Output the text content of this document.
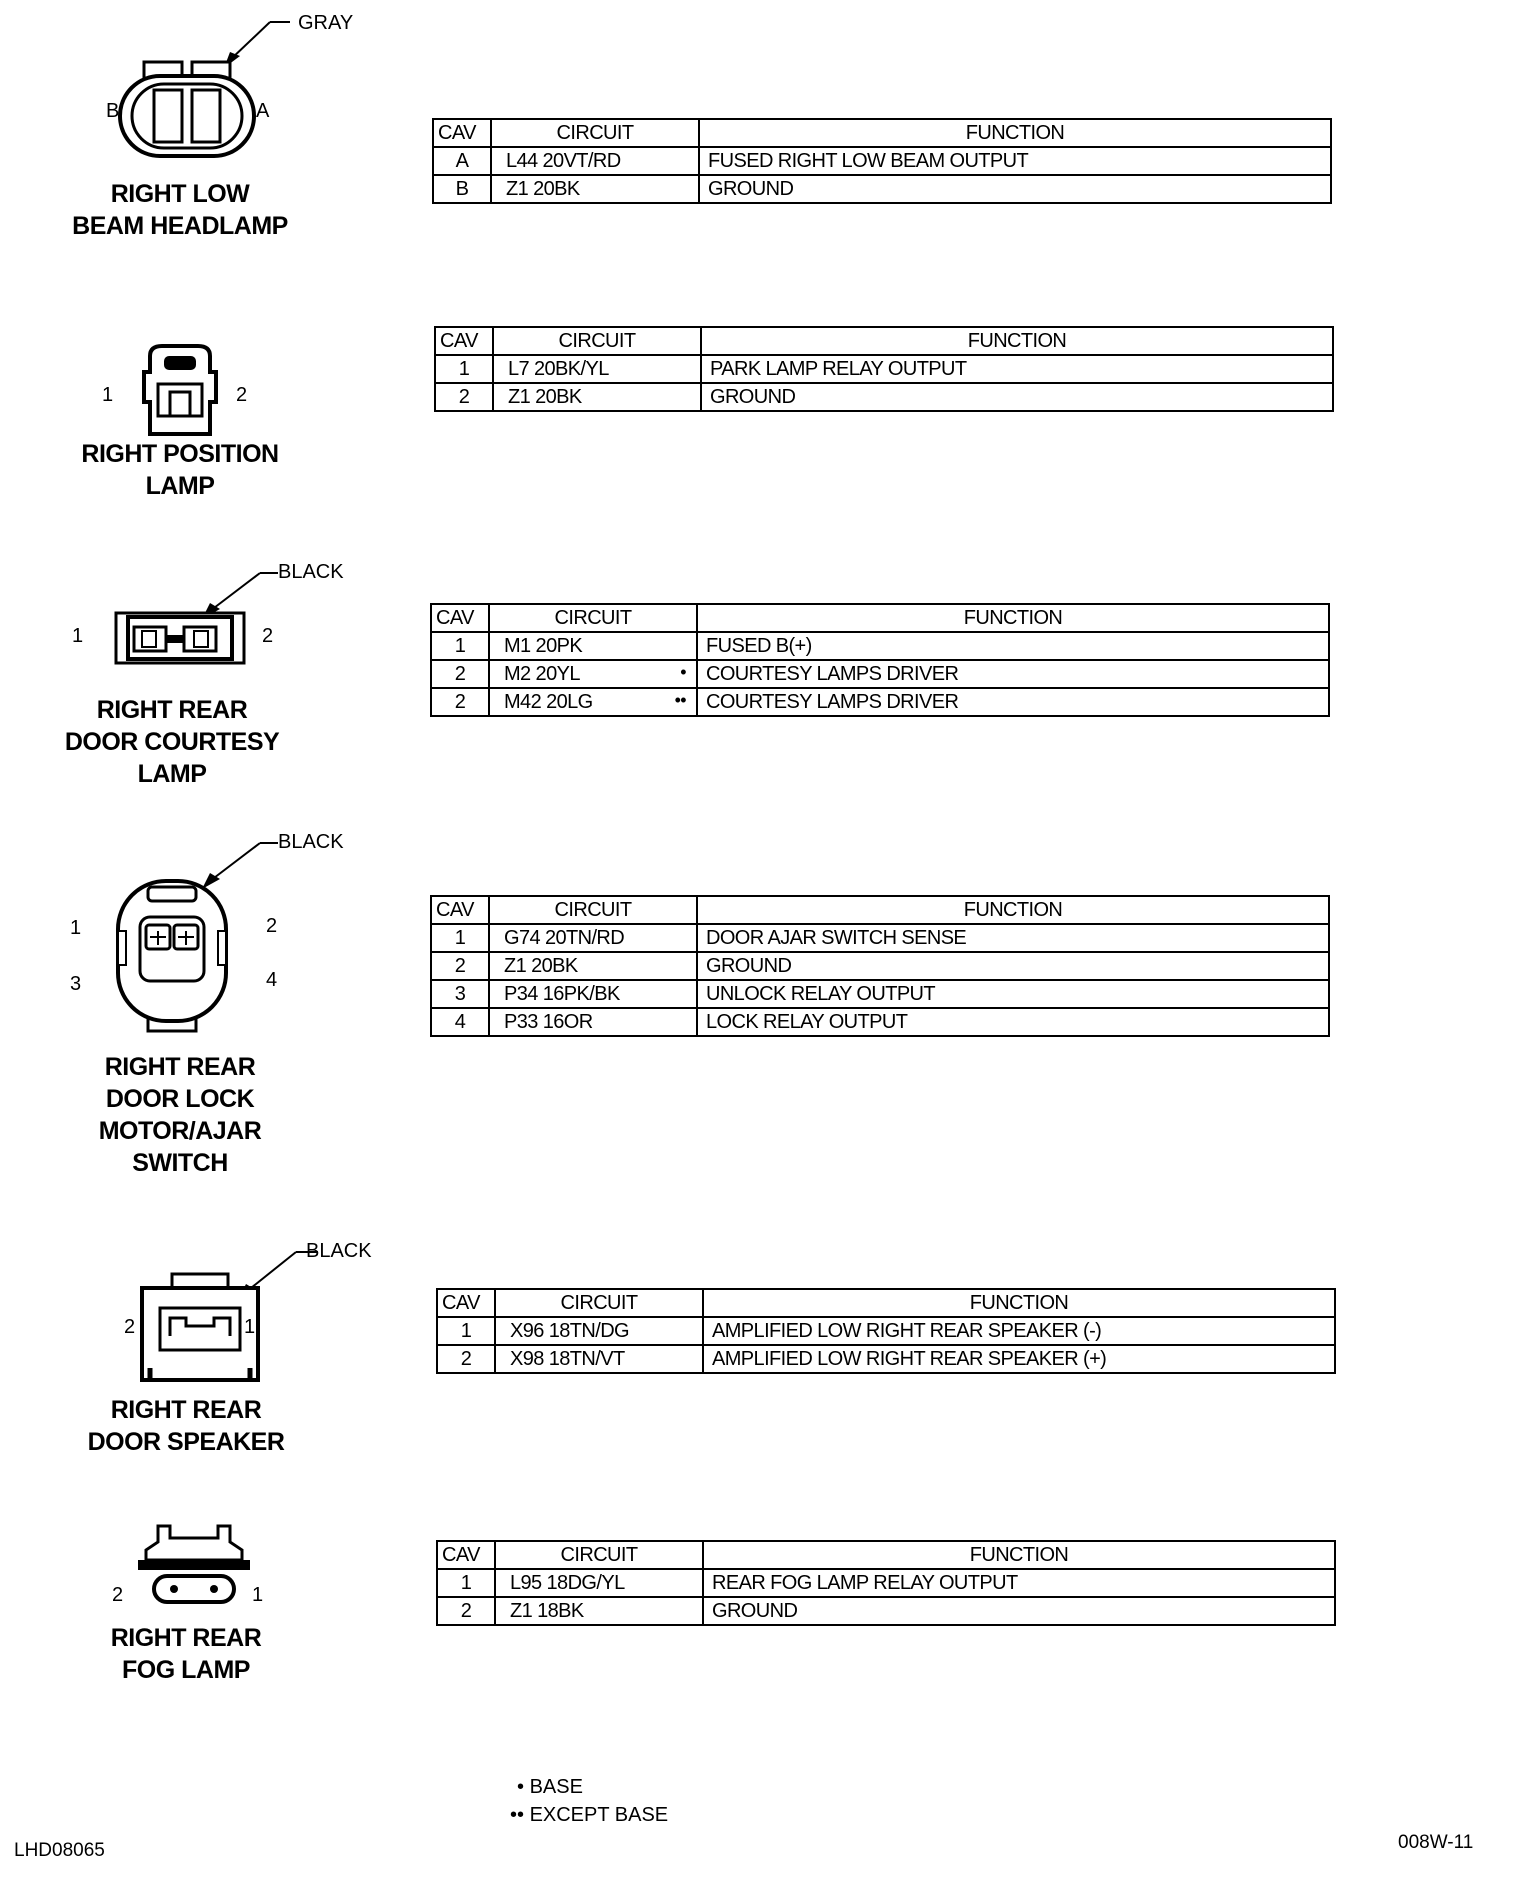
GRAY
B	A
RIGHT LOW
BEAM HEADLAMP
CAV	CIRCUIT	FUNCTION
A	L44 20VT/RD	FUSED RIGHT LOW BEAM OUTPUT
B	Z1 20BK	GROUND
1	2
RIGHT POSITION
LAMP
CAV	CIRCUIT	FUNCTION
1	L7 20BK/YL	PARK LAMP RELAY OUTPUT
2	Z1 20BK	GROUND
BLACK
1	2
RIGHT REAR
DOOR COURTESY
LAMP
CAV	CIRCUIT	FUNCTION
1	M1 20PK	FUSED B(+)
2	M2 20YL •	COURTESY LAMPS DRIVER
2	M42 20LG ••	COURTESY LAMPS DRIVER
BLACK
1	2
3	4
RIGHT REAR
DOOR LOCK
MOTOR/AJAR
SWITCH
CAV	CIRCUIT	FUNCTION
1	G74 20TN/RD	DOOR AJAR SWITCH SENSE
2	Z1 20BK	GROUND
3	P34 16PK/BK	UNLOCK RELAY OUTPUT
4	P33 16OR	LOCK RELAY OUTPUT
BLACK
2	1
RIGHT REAR
DOOR SPEAKER
CAV	CIRCUIT	FUNCTION
1	X96 18TN/DG	AMPLIFIED LOW RIGHT REAR SPEAKER (-)
2	X98 18TN/VT	AMPLIFIED LOW RIGHT REAR SPEAKER (+)
2	1
RIGHT REAR
FOG LAMP
CAV	CIRCUIT	FUNCTION
1	L95 18DG/YL	REAR FOG LAMP RELAY OUTPUT
2	Z1 18BK	GROUND
• BASE
•• EXCEPT BASE
LHD08065	008W-11
